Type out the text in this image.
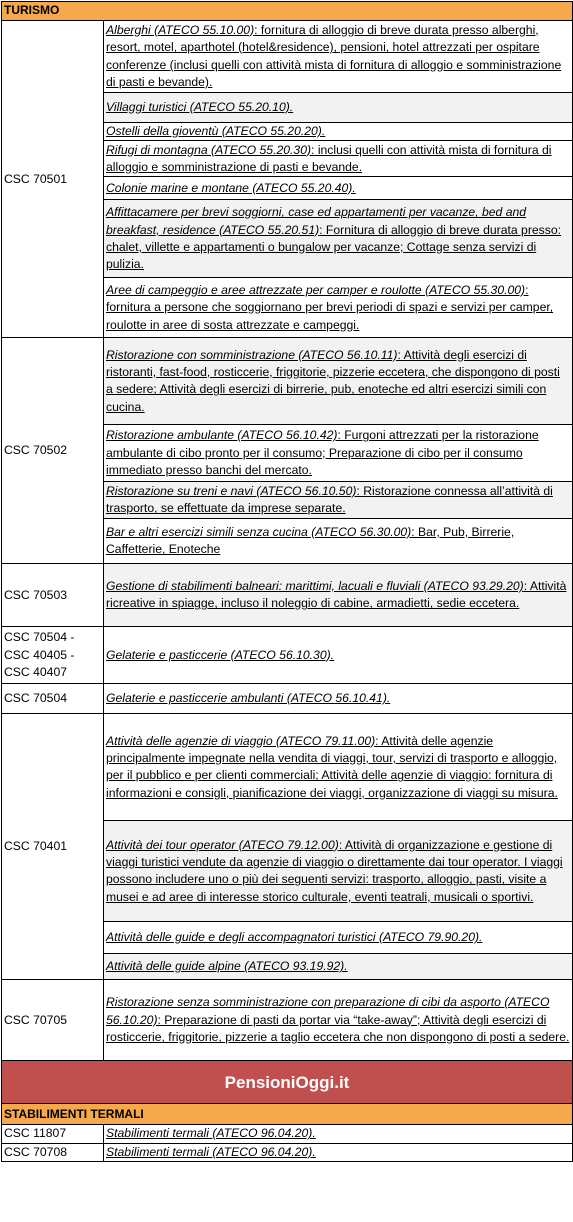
TURISMO	
CSC 70501	Alberghi (ATECO 55.10.00): fornitura di alloggio di breve durata presso alberghi, resort, motel, aparthotel (hotel&residence), pensioni, hotel attrezzati per ospitare conferenze (inclusi quelli con attività mista di fornitura di alloggio e somministrazione di pasti e bevande).
	Villaggi turistici (ATECO 55.20.10).
	Ostelli della gioventù (ATECO 55.20.20).
	Rifugi di montagna (ATECO 55.20.30): inclusi quelli con attività mista di fornitura di alloggio e somministrazione di pasti e bevande.
	Colonie marine e montane (ATECO 55.20.40).
	Affittacamere per brevi soggiorni, case ed appartamenti per vacanze, bed and breakfast, residence (ATECO 55.20.51): Fornitura di alloggio di breve durata presso: chalet, villette e appartamenti o bungalow per vacanze; Cottage senza servizi di pulizia.
	Aree di campeggio e aree attrezzate per camper e roulotte (ATECO 55.30.00): fornitura a persone che soggiornano per brevi periodi di spazi e servizi per camper, roulotte in aree di sosta attrezzate e campeggi.
CSC 70502	Ristorazione con somministrazione (ATECO 56.10.11): Attività degli esercizi di ristoranti, fast-food, rosticcerie, friggitorie, pizzerie eccetera, che dispongono di posti a sedere; Attività degli esercizi di birrerie, pub, enoteche ed altri esercizi simili con cucina.
	Ristorazione ambulante (ATECO 56.10.42): Furgoni attrezzati per la ristorazione ambulante di cibo pronto per il consumo; Preparazione di cibo per il consumo immediato presso banchi del mercato.
	Ristorazione su treni e navi (ATECO 56.10.50): Ristorazione connessa all’attività di trasporto, se effettuate da imprese separate.
	Bar e altri esercizi simili senza cucina (ATECO 56.30.00): Bar, Pub, Birrerie, Caffetterie, Enoteche
CSC 70503	Gestione di stabilimenti balneari: marittimi, lacuali e fluviali (ATECO 93.29.20): Attività ricreative in spiagge, incluso il noleggio di cabine, armadietti, sedie eccetera.
CSC 70504 - CSC 40405 - CSC 40407	Gelaterie e pasticcerie (ATECO 56.10.30).
CSC 70504	Gelaterie e pasticcerie ambulanti (ATECO 56.10.41).
CSC 70401	Attività delle agenzie di viaggio (ATECO 79.11.00): Attività delle agenzie principalmente impegnate nella vendita di viaggi, tour, servizi di trasporto e alloggio, per il pubblico e per clienti commerciali; Attività delle agenzie di viaggio: fornitura di informazioni e consigli, pianificazione dei viaggi, organizzazione di viaggi su misura.
	Attività dei tour operator (ATECO 79.12.00): Attività di organizzazione e gestione di viaggi turistici vendute da agenzie di viaggio o direttamente dai tour operator. I viaggi possono includere uno o più dei seguenti servizi: trasporto, alloggio, pasti, visite a musei e ad aree di interesse storico culturale, eventi teatrali, musicali o sportivi.
	Attività delle guide e degli accompagnatori turistici (ATECO 79.90.20).
	Attività delle guide alpine (ATECO 93.19.92).
CSC 70705	Ristorazione senza somministrazione con preparazione di cibi da asporto (ATECO 56.10.20): Preparazione di pasti da portar via “take-away”; Attività degli esercizi di rosticcerie, friggitorie, pizzerie a taglio eccetera che non dispongono di posti a sedere.
PensioniOggi.it	
STABILIMENTI TERMALI	
CSC 11807	Stabilimenti termali (ATECO 96.04.20).
CSC 70708	Stabilimenti termali (ATECO 96.04.20).
